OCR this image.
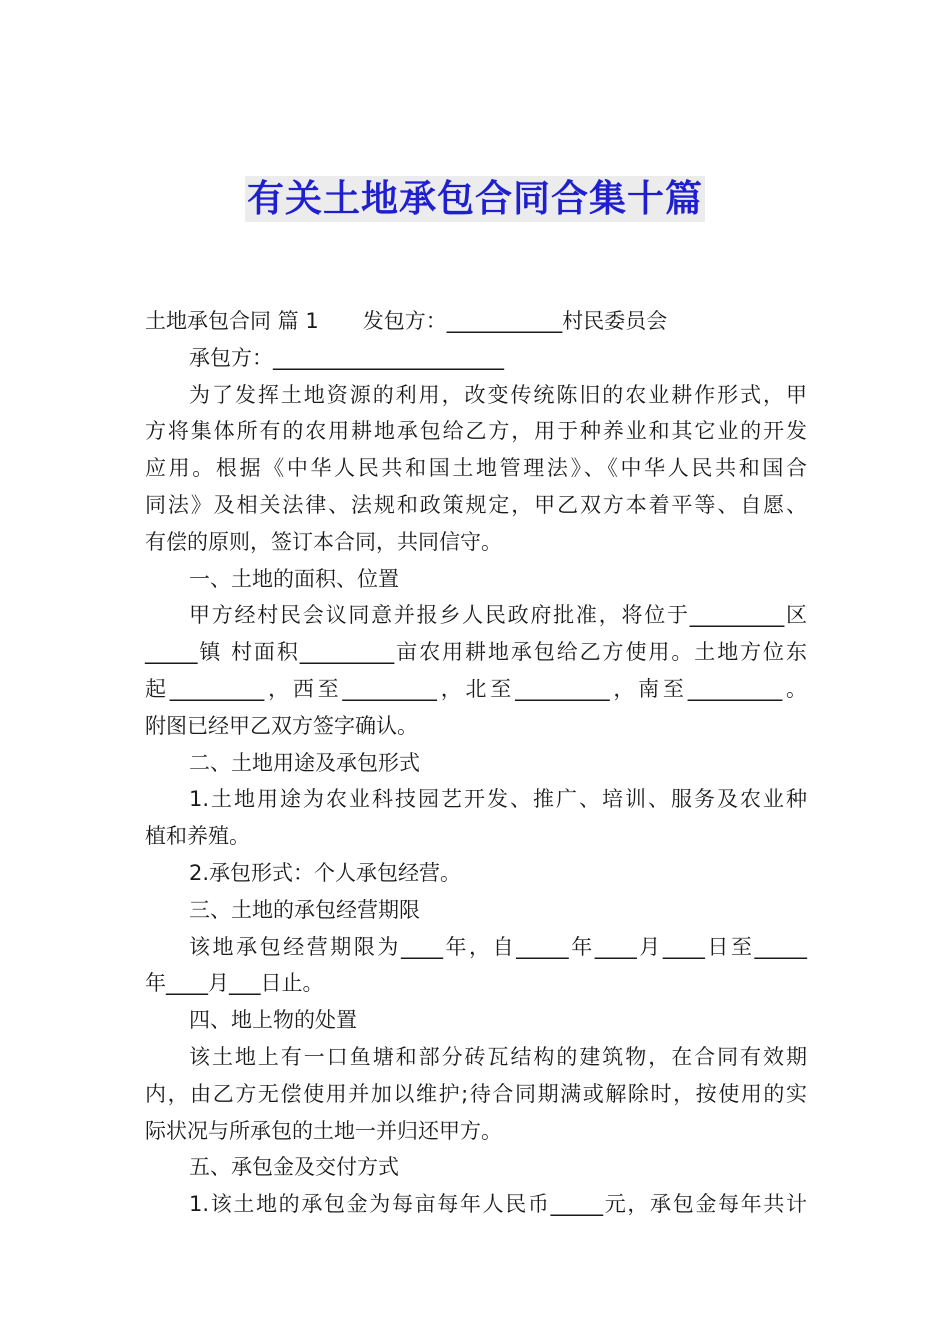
有关土地承包合同合集十篇
土地承包合同 篇 1 发包方：___________村民委员会
承包方：______________________
为了发挥土地资源的利用，改变传统陈旧的农业耕作形式，甲
方将集体所有的农用耕地承包给乙方，用于种养业和其它业的开发
应用。根据《中华人民共和国土地管理法》、《中华人民共和国合
同法》及相关法律、法规和政策规定，甲乙双方本着平等、自愿、
有偿的原则，签订本合同，共同信守。
一、土地的面积、位置
甲方经村民会议同意并报乡人民政府批准，将位于_________区
_____镇 村面积_________亩农用耕地承包给乙方使用。土地方位东
起_________，西至_________，北至_________，南至_________。
附图已经甲乙双方签字确认。
二、土地用途及承包形式
1.土地用途为农业科技园艺开发、推广、培训、服务及农业种
植和养殖。
2.承包形式：个人承包经营。
三、土地的承包经营期限
该地承包经营期限为____年，自_____年____月____日至_____
年____月___日止。
四、地上物的处置
该土地上有一口鱼塘和部分砖瓦结构的建筑物，在合同有效期
内，由乙方无偿使用并加以维护;待合同期满或解除时，按使用的实
际状况与所承包的土地一并归还甲方。
五、承包金及交付方式
1.该土地的承包金为每亩每年人民币_____元，承包金每年共计
